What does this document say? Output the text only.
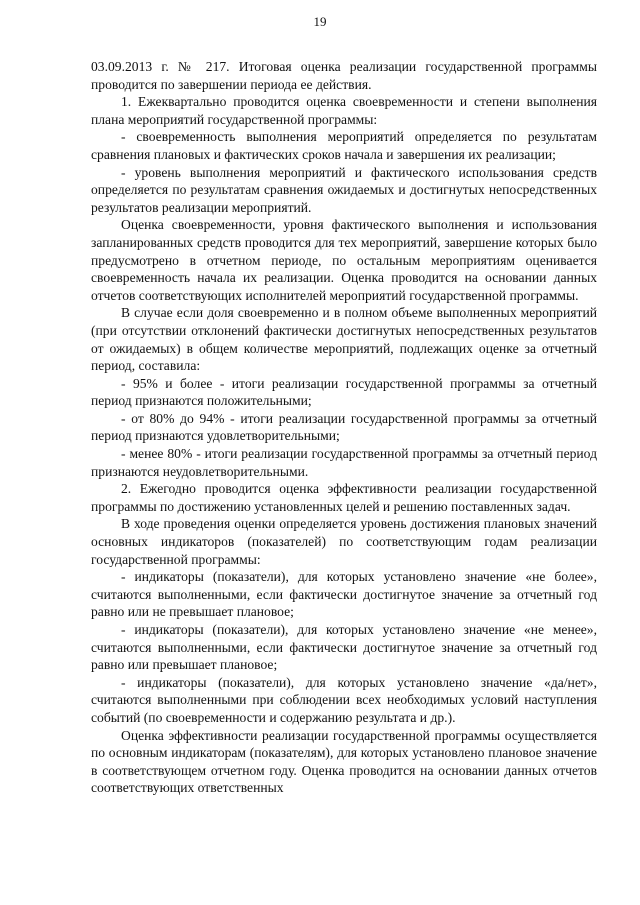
19

03.09.2013 г. № 217. Итоговая оценка реализации государственной программы проводится по завершении периода ее действия.

1. Ежеквартально проводится оценка своевременности и степени выполнения плана мероприятий государственной программы:

- своевременность выполнения мероприятий определяется по результатам сравнения плановых и фактических сроков начала и завершения их реализации;

- уровень выполнения мероприятий и фактического использования средств определяется по результатам сравнения ожидаемых и достигнутых непосредственных результатов реализации мероприятий.

Оценка своевременности, уровня фактического выполнения и использования запланированных средств проводится для тех мероприятий, завершение которых было предусмотрено в отчетном периоде, по остальным мероприятиям оценивается своевременность начала их реализации. Оценка проводится на основании данных отчетов соответствующих исполнителей мероприятий государственной программы.

В случае если доля своевременно и в полном объеме выполненных мероприятий (при отсутствии отклонений фактически достигнутых непосредственных результатов от ожидаемых) в общем количестве мероприятий, подлежащих оценке за отчетный период, составила:

- 95% и более - итоги реализации государственной программы за отчетный период признаются положительными;

- от 80% до 94% - итоги реализации государственной программы за отчетный период признаются удовлетворительными;

- менее 80% - итоги реализации государственной программы за отчетный период признаются неудовлетворительными.

2. Ежегодно проводится оценка эффективности реализации государственной программы по достижению установленных целей и решению поставленных задач.

В ходе проведения оценки определяется уровень достижения плановых значений основных индикаторов (показателей) по соответствующим годам реализации государственной программы:

- индикаторы (показатели), для которых установлено значение «не более», считаются выполненными, если фактически достигнутое значение за отчетный год равно или не превышает плановое;

- индикаторы (показатели), для которых установлено значение «не менее», считаются выполненными, если фактически достигнутое значение за отчетный год равно или превышает плановое;

- индикаторы (показатели), для которых установлено значение «да/нет», считаются выполненными при соблюдении всех необходимых условий наступления событий (по своевременности и содержанию результата и др.).

Оценка эффективности реализации государственной программы осуществляется по основным индикаторам (показателям), для которых установлено плановое значение в соответствующем отчетном году. Оценка проводится на основании данных отчетов соответствующих ответственных
